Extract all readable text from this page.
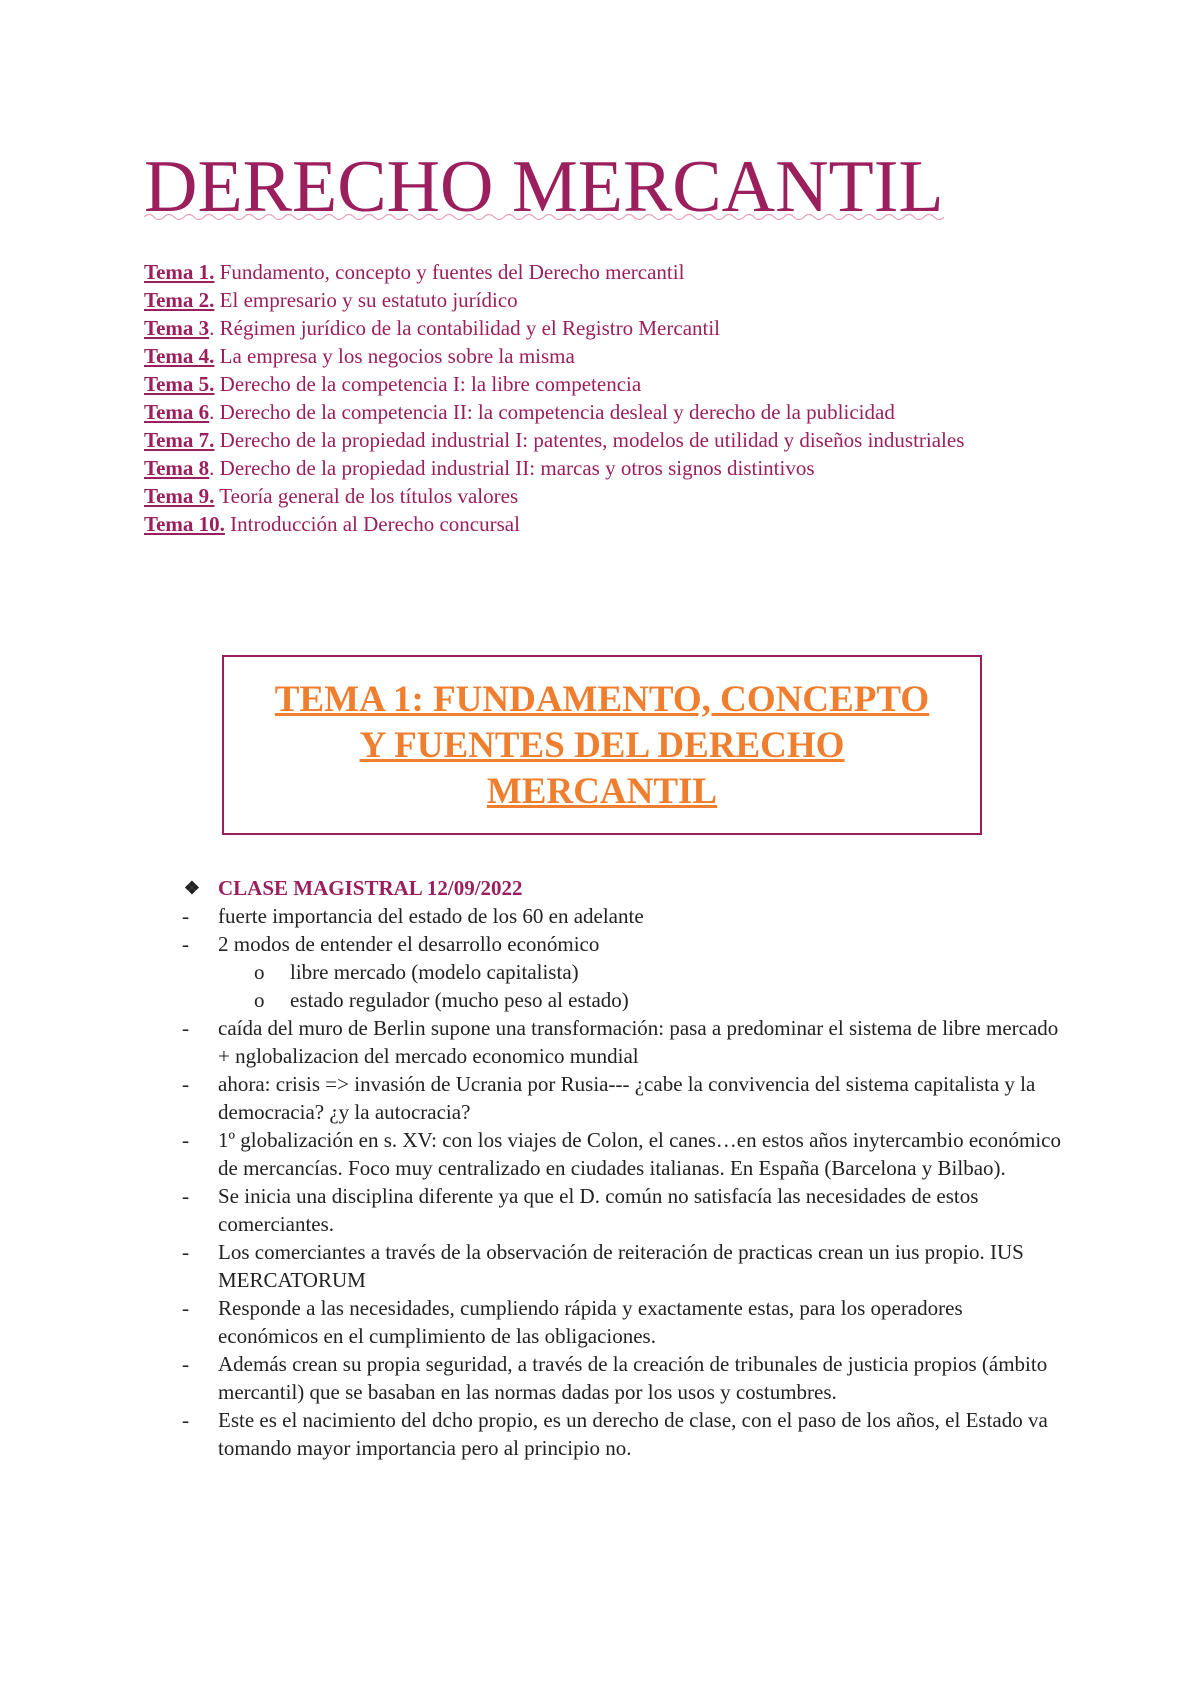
DERECHO MERCANTIL
Tema 1. Fundamento, concepto y fuentes del Derecho mercantil
Tema 2. El empresario y su estatuto jurídico
Tema 3. Régimen jurídico de la contabilidad y el Registro Mercantil
Tema 4. La empresa y los negocios sobre la misma
Tema 5. Derecho de la competencia I: la libre competencia
Tema 6. Derecho de la competencia II: la competencia desleal y derecho de la publicidad
Tema 7. Derecho de la propiedad industrial I: patentes, modelos de utilidad y diseños industriales
Tema 8. Derecho de la propiedad industrial II: marcas y otros signos distintivos
Tema 9. Teoría general de los títulos valores
Tema 10. Introducción al Derecho concursal
TEMA 1: FUNDAMENTO, CONCEPTO
Y FUENTES DEL DERECHO
MERCANTIL
❖ CLASE MAGISTRAL 12/09/2022
-	fuerte importancia del estado de los 60 en adelante
-	2 modos de entender el desarrollo económico
o	libre mercado (modelo capitalista)
o	estado regulador (mucho peso al estado)
-	caída del muro de Berlin supone una transformación: pasa a predominar el sistema de libre mercado + nglobalizacion del mercado economico mundial
-	ahora: crisis => invasión de Ucrania por Rusia--- ¿cabe la convivencia del sistema capitalista y la democracia? ¿y la autocracia?
-	1º globalización en s. XV: con los viajes de Colon, el canes…en estos años inytercambio económico de mercancías. Foco muy centralizado en ciudades italianas. En España (Barcelona y Bilbao).
-	Se inicia una disciplina diferente ya que el D. común no satisfacía las necesidades de estos comerciantes.
-	Los comerciantes a través de la observación de reiteración de practicas crean un ius propio. IUS MERCATORUM
-	Responde a las necesidades, cumpliendo rápida y exactamente estas, para los operadores económicos en el cumplimiento de las obligaciones.
-	Además crean su propia seguridad, a través de la creación de tribunales de justicia propios (ámbito mercantil) que se basaban en las normas dadas por los usos y costumbres.
-	Este es el nacimiento del dcho propio, es un derecho de clase, con el paso de los años, el Estado va tomando mayor importancia pero al principio no.
